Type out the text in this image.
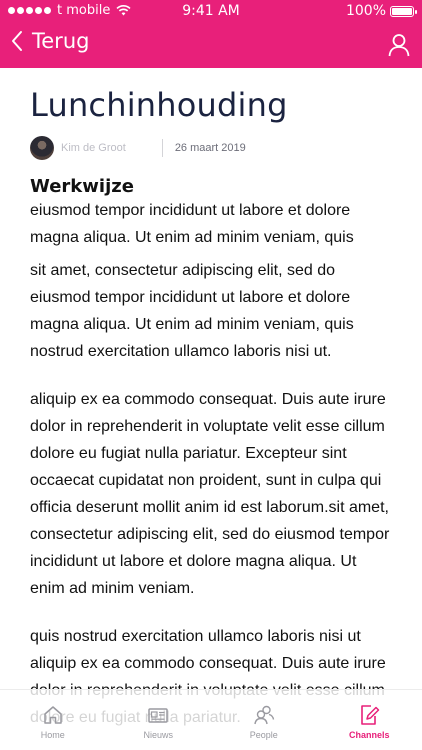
t mobile	9:41 AM	100%
Terug
Lunchinhouding
Kim de Groot	26 maart 2019
Werkwijze

eiusmod tempor incididunt ut labore et dolore magna aliqua. Ut enim ad minim veniam, quis

sit amet, consectetur adipiscing elit, sed do eiusmod tempor incididunt ut labore et dolore magna aliqua. Ut enim ad minim veniam, quis nostrud exercitation ullamco laboris nisi ut.

aliquip ex ea commodo consequat. Duis aute irure dolor in reprehenderit in voluptate velit esse cillum dolore eu fugiat nulla pariatur. Excepteur sint occaecat cupidatat non proident, sunt in culpa qui officia deserunt mollit anim id est laborum.sit amet, consectetur adipiscing elit, sed do eiusmod tempor incididunt ut labore et dolore magna aliqua. Ut enim ad minim veniam.

quis nostrud exercitation ullamco laboris nisi ut aliquip ex ea commodo consequat. Duis aute irure

Home	Nieuws	People	Channels
